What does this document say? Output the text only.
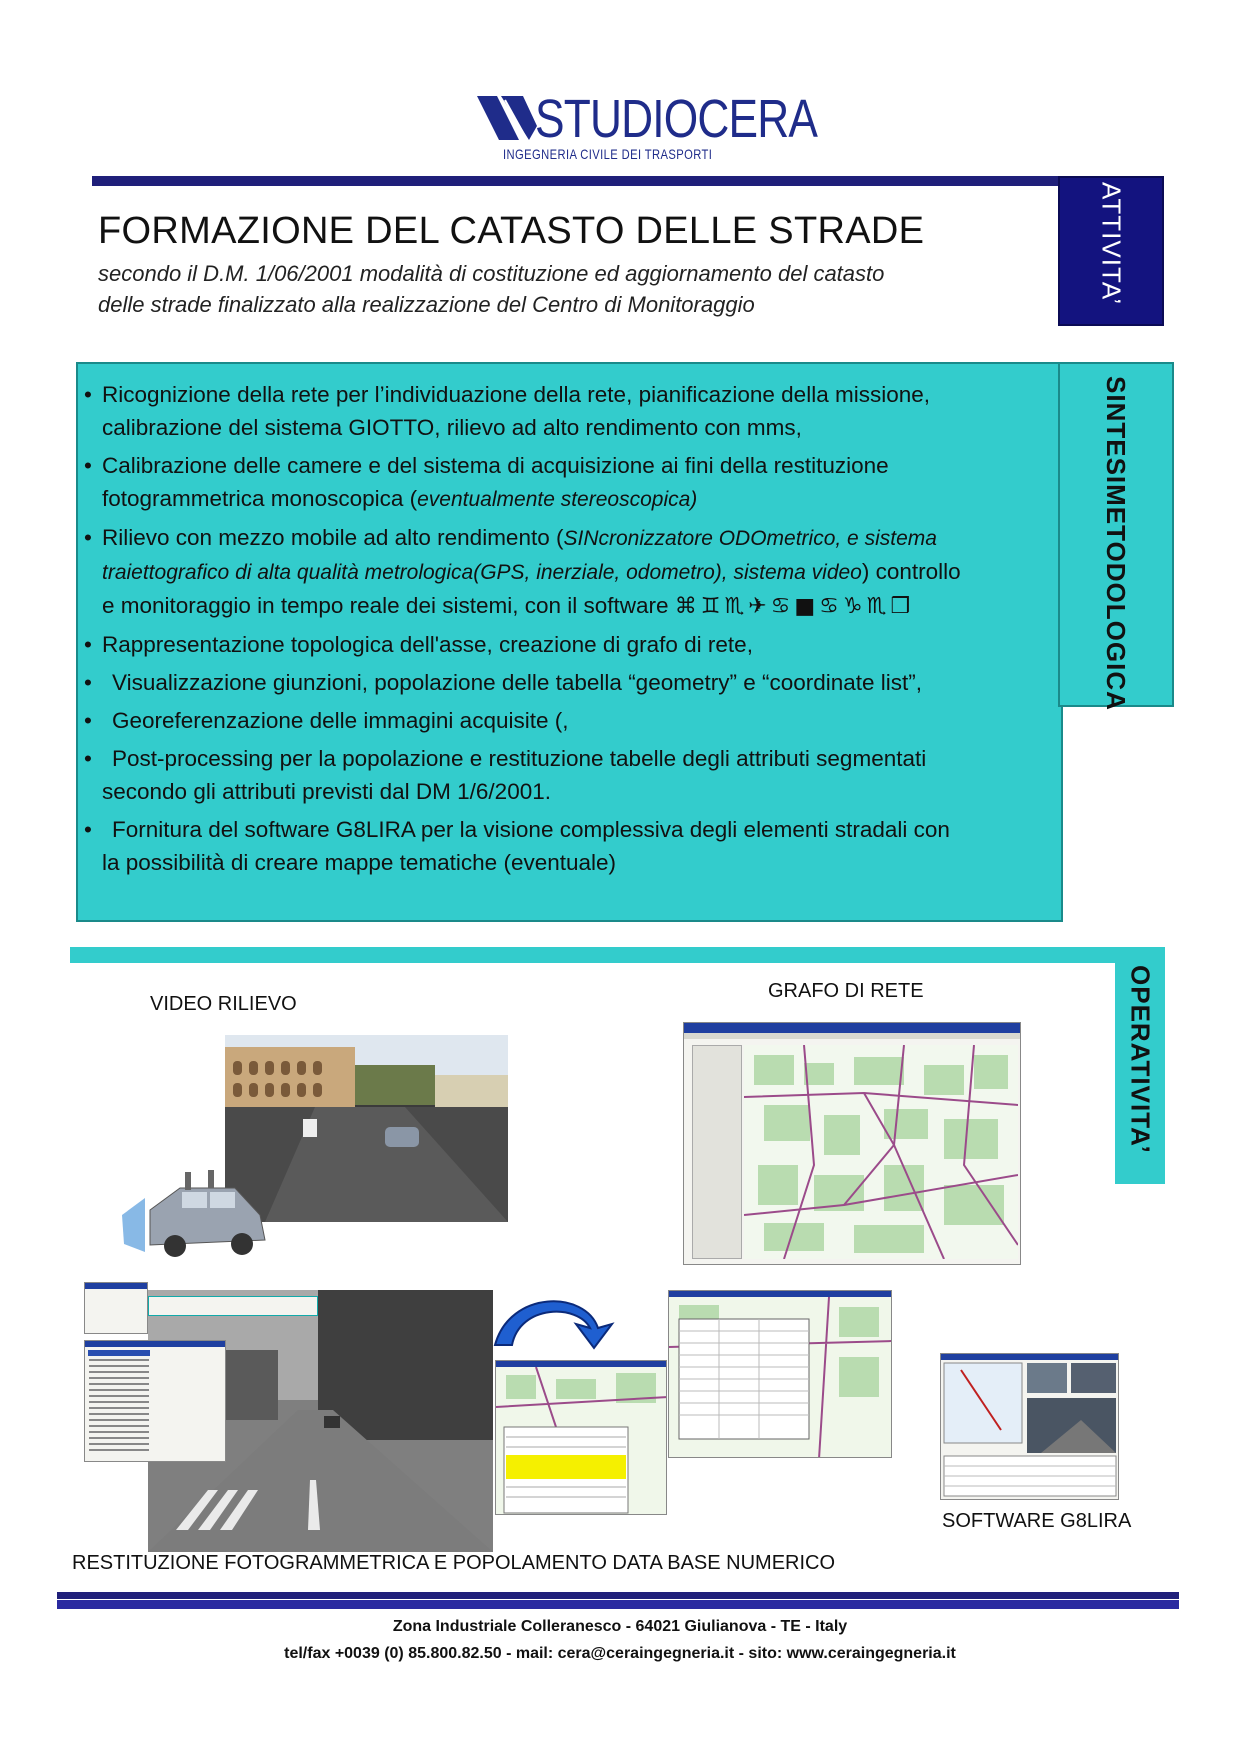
STUDIOCERA
INGEGNERIA CIVILE DEI TRASPORTI
ATTIVITA’
FORMAZIONE DEL CATASTO DELLE STRADE
secondo il D.M. 1/06/2001 modalità di costituzione ed aggiornamento del catasto
delle strade finalizzato alla realizzazione del Centro di Monitoraggio
SINTESIMETODOLOGICA
• Ricognizione della rete per l’individuazione della rete, pianificazione della missione,
calibrazione del sistema GIOTTO, rilievo ad alto rendimento con mms,
• Calibrazione delle camere e del sistema di acquisizione ai fini della restituzione
fotogrammetrica monoscopica (eventualmente stereoscopica)
• Rilievo con mezzo mobile ad alto rendimento (SINcronizzatore ODOmetrico, e sistema
traiettografico di alta qualità metrologica(GPS, inerziale, odometro), sistema video) controllo
e monitoraggio in tempo reale dei sistemi, con il software ⌘♊♏✈♋■♋♑♏❒
• Rappresentazione topologica dell'asse, creazione di grafo di rete,
• Visualizzazione giunzioni, popolazione delle tabella “geometry” e “coordinate list”,
• Georeferenzazione delle immagini acquisite (,
• Post-processing per la popolazione e restituzione tabelle degli attributi segmentati
secondo gli attributi previsti dal DM 1/6/2001.
• Fornitura del software G8LIRA per la visione complessiva degli elementi stradali con
la possibilità di creare mappe tematiche (eventuale)
OPERATIVITA’
VIDEO RILIEVO
GRAFO DI RETE
SOFTWARE G8LIRA
RESTITUZIONE FOTOGRAMMETRICA E POPOLAMENTO DATA BASE NUMERICO
Zona Industriale Colleranesco - 64021 Giulianova - TE - Italy
tel/fax +0039 (0) 85.800.82.50 - mail: cera@ceraingegneria.it - sito: www.ceraingegneria.it
